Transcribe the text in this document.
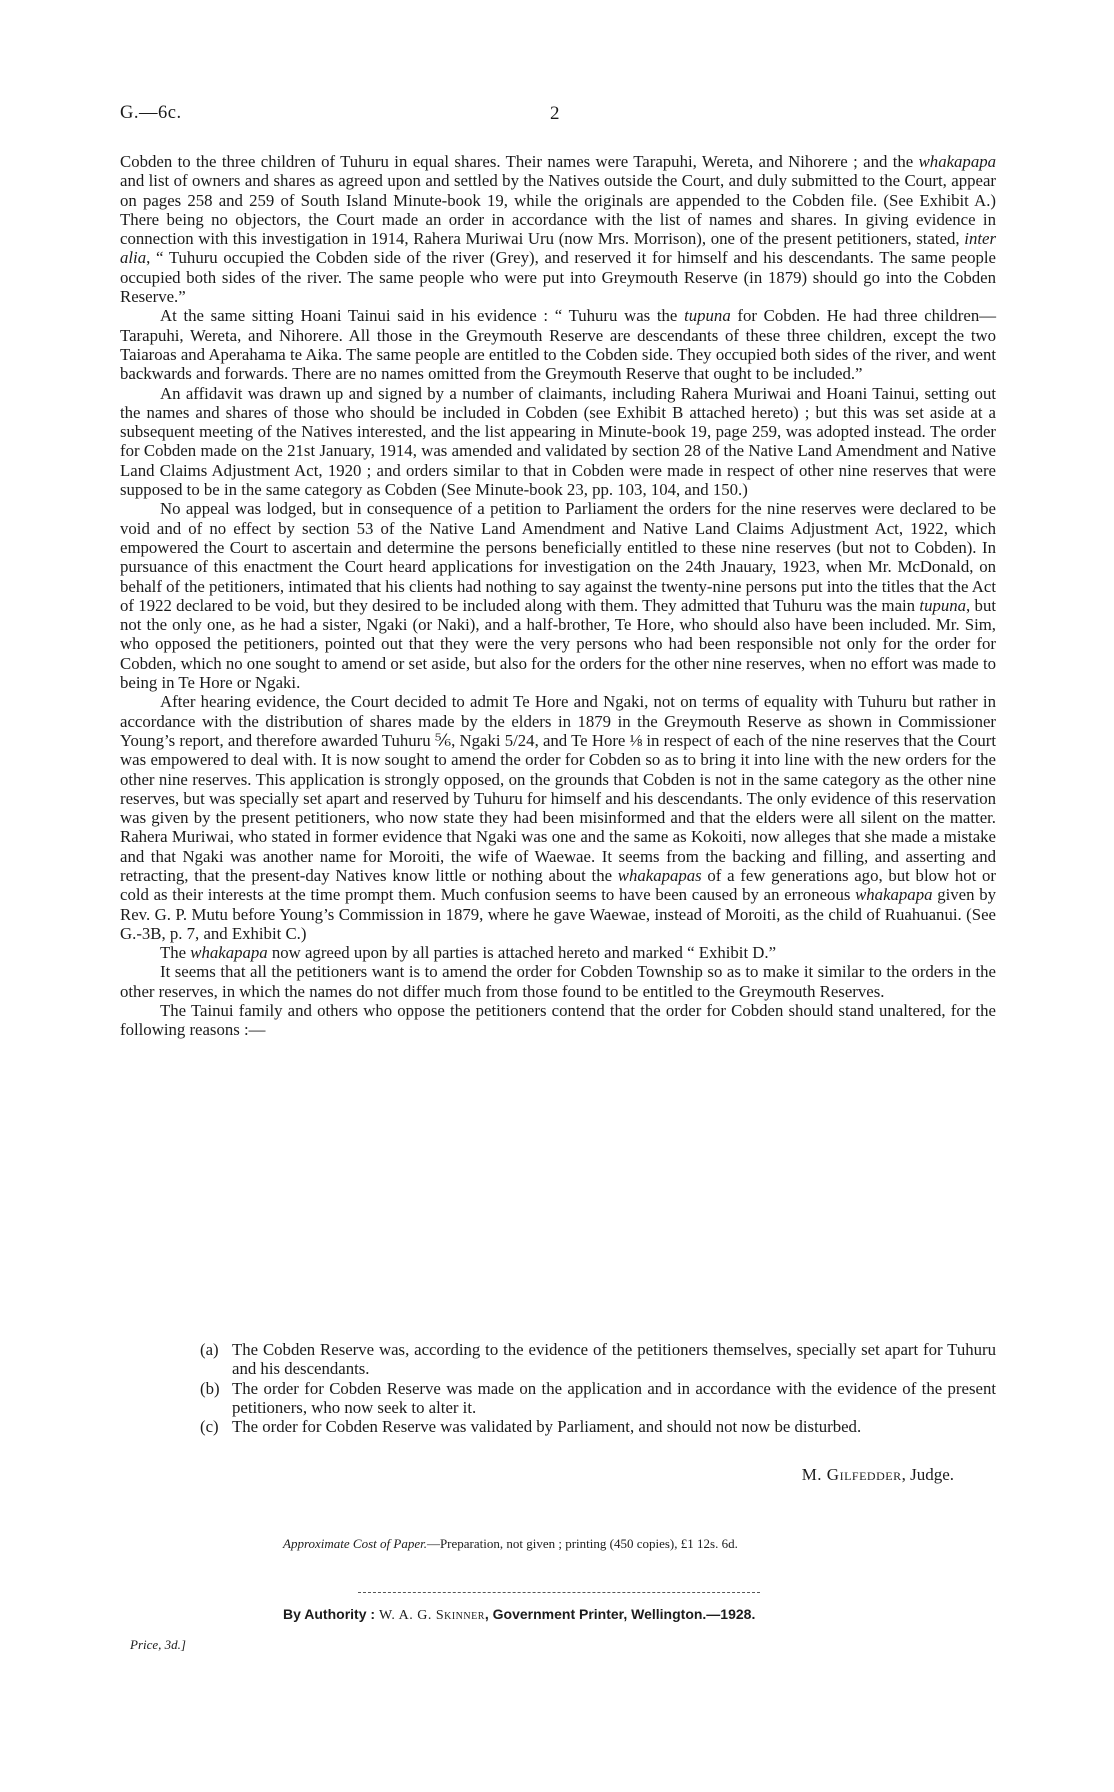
G.—6c.	2

Cobden to the three children of Tuhuru in equal shares. Their names were Tarapuhi, Wereta, and Nihorere ; and the whakapapa and list of owners and shares as agreed upon and settled by the Natives outside the Court, and duly submitted to the Court, appear on pages 258 and 259 of South Island Minute-book 19, while the originals are appended to the Cobden file. (See Exhibit A.) There being no objectors, the Court made an order in accordance with the list of names and shares. In giving evidence in connection with this investigation in 1914, Rahera Muriwai Uru (now Mrs. Morrison), one of the present petitioners, stated, inter alia, “ Tuhuru occupied the Cobden side of the river (Grey), and reserved it for himself and his descendants. The same people occupied both sides of the river. The same people who were put into Greymouth Reserve (in 1879) should go into the Cobden Reserve.”

At the same sitting Hoani Tainui said in his evidence : “ Tuhuru was the tupuna for Cobden. He had three children—Tarapuhi, Wereta, and Nihorere. All those in the Greymouth Reserve are descendants of these three children, except the two Taiaroas and Aperahama te Aika. The same people are entitled to the Cobden side. They occupied both sides of the river, and went backwards and forwards. There are no names omitted from the Greymouth Reserve that ought to be included.”

An affidavit was drawn up and signed by a number of claimants, including Rahera Muriwai and Hoani Tainui, setting out the names and shares of those who should be included in Cobden (see Exhibit B attached hereto) ; but this was set aside at a subsequent meeting of the Natives interested, and the list appearing in Minute-book 19, page 259, was adopted instead. The order for Cobden made on the 21st January, 1914, was amended and validated by section 28 of the Native Land Amendment and Native Land Claims Adjustment Act, 1920 ; and orders similar to that in Cobden were made in respect of other nine reserves that were supposed to be in the same category as Cobden (See Minute-book 23, pp. 103, 104, and 150.)

No appeal was lodged, but in consequence of a petition to Parliament the orders for the nine reserves were declared to be void and of no effect by section 53 of the Native Land Amendment and Native Land Claims Adjustment Act, 1922, which empowered the Court to ascertain and determine the persons beneficially entitled to these nine reserves (but not to Cobden). In pursuance of this enactment the Court heard applications for investigation on the 24th Jnauary, 1923, when Mr. McDonald, on behalf of the petitioners, intimated that his clients had nothing to say against the twenty-nine persons put into the titles that the Act of 1922 declared to be void, but they desired to be included along with them. They admitted that Tuhuru was the main tupuna, but not the only one, as he had a sister, Ngaki (or Naki), and a half-brother, Te Hore, who should also have been included. Mr. Sim, who opposed the petitioners, pointed out that they were the very persons who had been responsible not only for the order for Cobden, which no one sought to amend or set aside, but also for the orders for the other nine reserves, when no effort was made to being in Te Hore or Ngaki.

After hearing evidence, the Court decided to admit Te Hore and Ngaki, not on terms of equality with Tuhuru but rather in accordance with the distribution of shares made by the elders in 1879 in the Greymouth Reserve as shown in Commissioner Young’s report, and therefore awarded Tuhuru ⅚, Ngaki 5/24, and Te Hore ⅛ in respect of each of the nine reserves that the Court was empowered to deal with. It is now sought to amend the order for Cobden so as to bring it into line with the new orders for the other nine reserves. This application is strongly opposed, on the grounds that Cobden is not in the same category as the other nine reserves, but was specially set apart and reserved by Tuhuru for himself and his descendants. The only evidence of this reservation was given by the present petitioners, who now state they had been misinformed and that the elders were all silent on the matter. Rahera Muriwai, who stated in former evidence that Ngaki was one and the same as Kokoiti, now alleges that she made a mistake and that Ngaki was another name for Moroiti, the wife of Waewae. It seems from the backing and filling, and asserting and retracting, that the present-day Natives know little or nothing about the whakapapas of a few generations ago, but blow hot or cold as their interests at the time prompt them. Much confusion seems to have been caused by an erroneous whakapapa given by Rev. G. P. Mutu before Young’s Commission in 1879, where he gave Waewae, instead of Moroiti, as the child of Ruahuanui. (See G.-3B, p. 7, and Exhibit C.)

The whakapapa now agreed upon by all parties is attached hereto and marked “ Exhibit D.”

It seems that all the petitioners want is to amend the order for Cobden Township so as to make it similar to the orders in the other reserves, in which the names do not differ much from those found to be entitled to the Greymouth Reserves.

The Tainui family and others who oppose the petitioners contend that the order for Cobden should stand unaltered, for the following reasons :—

(a) The Cobden Reserve was, according to the evidence of the petitioners themselves, specially set apart for Tuhuru and his descendants.
(b) The order for Cobden Reserve was made on the application and in accordance with the evidence of the present petitioners, who now seek to alter it.
(c) The order for Cobden Reserve was validated by Parliament, and should not now be disturbed.
M. Gilfedder, Judge.
Approximate Cost of Paper.—Preparation, not given ; printing (450 copies), £1 12s. 6d.
By Authority : W. A. G. Skinner, Government Printer, Wellington.—1928.
Price, 3d.]
